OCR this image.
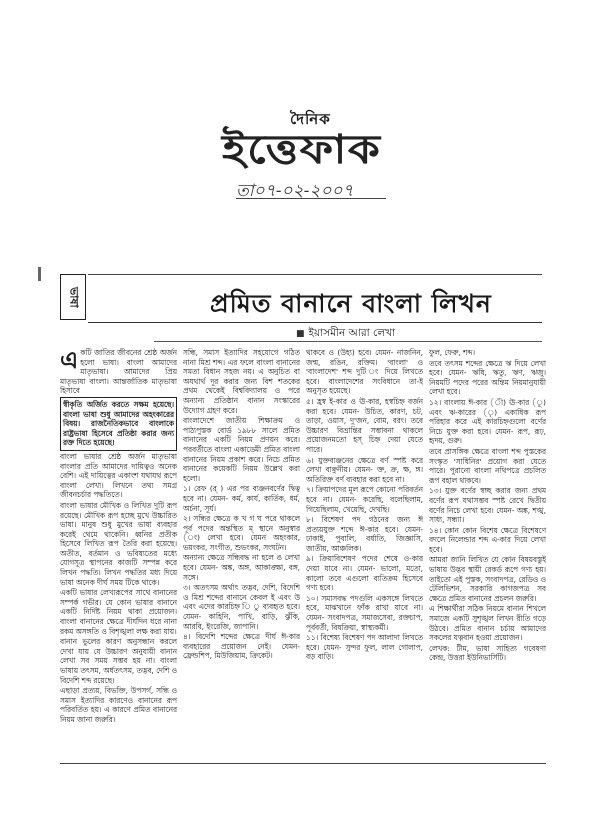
দৈনিক
ইত্তেফাক
তা০৭-০২-২০০৭
ভাষা	প্রমিত বানানে বাংলা লিখন
■ ইয়াসমীন আরা লেখা
এ কটি জাতির জীবনের শ্রেষ্ঠ অর্জন হলো ভাষা। বাংলা আমাদের মাতৃভাষা। আমাদের প্রিয় মাতৃভাষা বাংলা। আন্তর্জাতিক মাতৃভাষা হিসাবে

স্বীকৃতি অর্জিত করতে সক্ষম হয়েছে। বাংলা ভাষা শুধু আমাদের অহংকারের বিষয়। রাজনৈতিকভাবে বাংলাকে রাষ্ট্রভাষা হিসেবে প্রতিষ্ঠা করার জন্য রক্ত দিতে হয়েছে।

বাংলা ভাষার শ্রেষ্ঠ অর্জন মাতৃভাষা বাংলার প্রতি আমাদের দায়িত্বও অনেক বেশি। এই দায়িত্বের একাংশ যথাযথ রূপে বাংলা লেখা। লিখনে তথ্য সমগ্র জীবনচর্চার পদ্ধতিতে।

বাংলা ভাষার মৌখিক ও লিখিত দুটি রূপ রয়েছে। মৌখিক রূপ হচ্ছে মুখে উচ্চারিত ভাষা। মানুষ শুধু মুখের ভাষা ব্যবহার করেই থেমে থাকেনি। ধ্বনির প্রতীক হিসেবে লিখিত রূপ তৈরি করা হয়েছে। অতীত, বর্তমান ও ভবিষ্যতের মধ্যে যোগসূত্র স্থাপনের কাজটি সম্পন্ন করে লিখন পদ্ধতি। লিখন পদ্ধতির মধ্য দিয়ে ভাষা অনেক দীর্ঘ সময় টিকে থাকে।

একটি ভাষার লেখ্যরূপের সাথে বানানের সম্পর্ক গভীর। যে কোন ভাষার বানানে একটি নির্দিষ্ট নিয়ম থাকা প্রয়োজন। বাংলা বানানের ক্ষেত্রে দীর্ঘদিন ধরে নানা রকম অসঙ্গতি ও বিশৃঙ্খলা লক্ষ করা যায়।

বানান ভুলের কারণ অনুসন্ধান করলে দেখা যায় যে উচ্চারণ অনুযায়ী বানান লেখা সব সময় সম্ভব হয় না। বাংলা ভাষায় তৎসম, অর্ধতৎসম, তদ্ভব, দেশি ও বিদেশি শব্দ রয়েছে।

এছাড়া প্রত্যয়, বিভক্তি, উপসর্গ, সন্ধি ও সমাস ইত্যাদির কারণেও বানানের রূপ পরিবর্তিত হয়। এ কারণে প্রমিত বানানের নিয়ম জানা জরুরি।

সন্ধি, সমাস ইত্যাদির সহযোগে গঠিত নানা মিশ্র শব্দ। এর ফলে বাংলা বানানের সমতা বিধান সহজ নয়। এ অনুচিত বা অযথার্থ দূর করার জন্য বিশ শতকের প্রথম থেকেই বিশ্ববিদ্যালয় ও পরে অন্যান্য প্রতিষ্ঠান বানান সংস্কারের উদ্যোগ গ্রহণ করে।

বাংলাদেশে জাতীয় শিক্ষাক্রম ও পাঠ্যপুস্তক বোর্ড ১৯৮৮ সালে প্রমিত বানানের একটি নিয়ম প্রণয়ন করে। পরবর্তীতে বাংলা একাডেমী প্রমিত বাংলা বানানের নিয়ম প্রকাশ করে। নিচে প্রমিত বানানের কয়েকটি নিয়ম উল্লেখ করা হলো।

১। রেফ (র্ ) এর পর ব্যঞ্জনবর্ণের দ্বিত্ব হবে না। যেমন- কর্ম, কার্য, কার্তিক, ধর্ম, অর্চনা, সূর্য।

২। সন্ধির ক্ষেত্রে ক খ গ ঘ পরে থাকলে পূর্ব পদের অন্তস্থিত ম্ স্থানে অনুস্বার (ং) লেখা হবে। যেমন অহংকার, ভয়ংকর, সংগীত, শুভংকর, সংঘটন।

অন্যান্য ক্ষেত্রে সন্ধিবদ্ধ না হলে ঙ লেখা হবে। যেমন- অঙ্ক, অঙ্গ, আকাঙ্ক্ষা, বঙ্গ, সঙ্গে।

৩। অতৎসম অর্থাৎ তদ্ভব, দেশি, বিদেশি ও মিশ্র শব্দের বানানে কেবল ই এবং উ এবং এদের কারচিহ্ন ি ু ব্যবহৃত হবে। যেমন- কাহিনি, পাখি, বাড়ি, ঝুঁকি, আরবি, ইংরেজি, জাপানি।

৪। বিদেশি শব্দের ক্ষেত্রে দীর্ঘ ঈ-কার ব্যবহারের প্রয়োজন নেই। যেমন- ফ্রেন্ডশিপ, মিউজিয়াম, ক্রিকেট।

থাকবে ও (উহ্য) হবে। যেমন- নাজনিন, জন্ম, রঙিন, রক্তিম। 'বাংলা' ও 'বাংলাদেশ' শব্দ দুটি ং দিয়ে লিখতে হবে। বাংলাদেশের সংবিধানে তা-ই অনুসৃত হয়েছে।

৫। হ্রস্ব ই-কার ও ঊ-কার, হস্বচিহ্ন বর্জন করা হবে। যেমন- উচিত, কারণ, চট, তাড়া, ওয়াস, দু'জন, বোম, বরং। তবে উচ্চারণ বিভ্রান্তির সম্ভাবনা থাকলে প্রয়োজনমতো হস্ চিহ্ন দেয়া যেতে পারে।

৬। যুক্তব্যঞ্জনের ক্ষেত্রে বর্ণ স্পষ্ট করে লেখা বাঞ্ছনীয়। যেমন- ক্ত, ক্র, ক্ষ, ঙ্গ। অতিরিক্ত বর্ণ ব্যবহার করা হবে না।

৭। ক্রিয়াপদের মূল রূপে কোনো পরিবর্তন হবে না। যেমন- করেছি, বলেছিলাম, গিয়েছিলাম, খেয়েছি, দেখছি।

৮। বিশেষণ পদ গঠনের জন্য ঈ প্রত্যয়যুক্ত শব্দে ঈ-কার হবে। যেমন- ঢাকাই, পুবালি, বর্ষাতি, জিজ্ঞাসি, জাতীয়, আঞ্চলিক।

৯। ক্রিয়াবিশেষণ পদের শেষে ও-কার দেয়া যাবে না। যেমন- ভালো, মতো, কালো তবে এগুলো ব্যতিক্রম হিসেবে গণ্য হবে।

১০। সমাসবদ্ধ পদগুলি একসঙ্গে লিখতে হবে, মাঝখানে ফাঁক রাখা যাবে না। যেমন- সংবাদপত্র, সমাজসেবা, রক্তচাপ, পূর্ববর্তী, বিষক্রিয়া, স্বাস্থ্যকর্মী।

১১। বিশেষ্য বিশেষণ পদ আলাদা লিখতে হবে। যেমন- সুন্দর ফুল, লাল গোলাপ, বড় বাড়ি।

ফুল, ফেরু, শব্দ।

তবে তৎসম শব্দের ক্ষেত্রে ঋ দিয়ে লেখা হবে। যেমন- ঋষি, ঋতু, ঋণ, ঋজু। নিয়মটি পদের পরের অন্তিম নিয়মানুযায়ী লেখা হবে।

১২। বাংলায় ঈ-কার (ী) ঊ-কার (ূ) এবং ঋ-কারের (ৃ) একাধিক রূপ পরিহার করে এই কারচিহ্নগুলো বর্ণের নিচে যুক্ত করা হবে। যেমন- রূপ, রূঢ়, হৃদয়, গুরু।

তবে প্রাসঙ্গিক ক্ষেত্রে বাংলা শব্দ পুস্তকের সংস্কৃত 'সাধিনির' প্রয়োগ করা যেতে পারে। পুরানো বাংলা নথিপত্রে প্রচলিত রূপ বহাল থাকবে।

১৩। যুক্ত বর্ণের স্বচ্ছ করার জন্য প্রথম বর্ণের রূপ যথাসম্ভব স্পষ্ট রেখে দ্বিতীয় বর্ণের নিচে লেখা হবে। যেমন- অঙ্ক, শঙ্খ, সাধ্য, সন্ধ্যা।

১৪। কোন কোন বিশেষ ক্ষেত্রে বিশেষণে বদলে নিলেন্ডার শব্দ এ-কার দিয়ে লেখা হবে।

আমরা জানি লিখিত যে কোন বিষয়বস্তুই ভাষায় উদ্ভব স্থায়ী রেকর্ড রূপে গণ্য হয়। তাইতো এই পুস্তক, সংবাদপত্র, রেডিও ও টেলিভিশন, সরকারি কাগজপত্র সব ক্ষেত্রে প্রমিত বানানের প্রচলন জরুরি।

এ শিক্ষার্থীরা সঠিক নিয়মে বানান শিখলে সমাজে একটি সুশৃঙ্খল লিখন রীতি গড়ে উঠবে। প্রমিত বানান চর্চায় আমাদের সকলের যত্নবান হওয়া প্রয়োজন।

লেখক: টীম, ভাষা সাহিত্য গবেষণা কেন্দ্র, উত্তরা ইউনিভার্সিটি।
